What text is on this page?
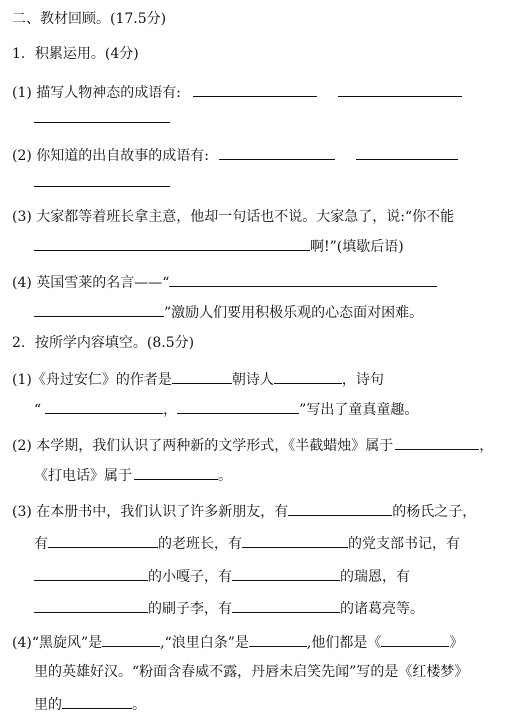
二、教材回顾。(17.5分)
1．积累运用。(4分)
(1) 描写人物神态的成语有:
(2) 你知道的出自故事的成语有:
(3) 大家都等着班长拿主意，他却一句话也不说。大家急了，说:“你不能
啊!”(填歇后语)
(4) 英国雪莱的名言——“
”激励人们要用积极乐观的心态面对困难。
2．按所学内容填空。(8.5分)
(1)《舟过安仁》的作者是	朝诗人	，诗句
“	，	”写出了童真童趣。
(2) 本学期，我们认识了两种新的文学形式，《半截蜡烛》属于	，
《打电话》属于	。
(3) 在本册书中，我们认识了许多新朋友，有	的杨氏之子，
有	的老班长，有	的党支部书记，有
的小嘎子，有	的瑞恩，有
的刷子李，有	的诸葛亮等。
(4)“黑旋风”是	,“浪里白条”是	,他们都是《	》
里的英雄好汉。“粉面含春威不露，丹唇未启笑先闻”写的是《红楼梦》
里的	。
